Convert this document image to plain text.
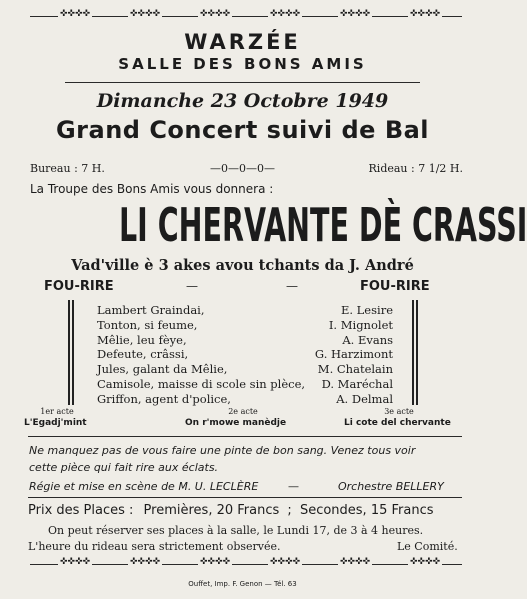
✜✜✜✜	✜✜✜✜	✜✜✜✜	✜✜✜✜	✜✜✜✜	✜✜✜✜
WARZÉE
SALLE DES BONS AMIS
Dimanche 23 Octobre 1949
Grand Concert suivi de Bal
Bureau : 7 H.	—0—0—0—	Rideau : 7 1/2 H.
La Troupe des Bons Amis vous donnera :
LI CHERVANTE DÈ CRASSI
Vad'ville è 3 akes avou tchants da J. André
FOU-RIRE	—	—	FOU-RIRE
Lambert Graindai,	E. Lesire
Tonton, si feume,	I. Mignolet
Mêlie, leu fèye,	A. Evans
Defeute, crâssi,	G. Harzimont
Jules, galant da Mêlie,	M. Chatelain
Camisole, maisse di scole sin plèce, D. Maréchal
Griffon, agent d'police,	A. Delmal
1er acte	2e acte	3e acte
L'Egadj'mint	On r'mowe manèdje	Li cote del chervante
Ne manquez pas de vous faire une pinte de bon sang. Venez tous voir
cette pièce qui fait rire aux éclats.
Régie et mise en scène de M. U. LECLÈRE	—	Orchestre BELLERY
Prix des Places : Premières, 20 Francs ; Secondes, 15 Francs
On peut réserver ses places à la salle, le Lundi 17, de 3 à 4 heures.
L'heure du rideau sera strictement observée.	Le Comité.
✜✜✜✜	✜✜✜✜	✜✜✜✜	✜✜✜✜	✜✜✜✜	✜✜✜✜
Ouffet, Imp. F. Genon — Tél. 63
